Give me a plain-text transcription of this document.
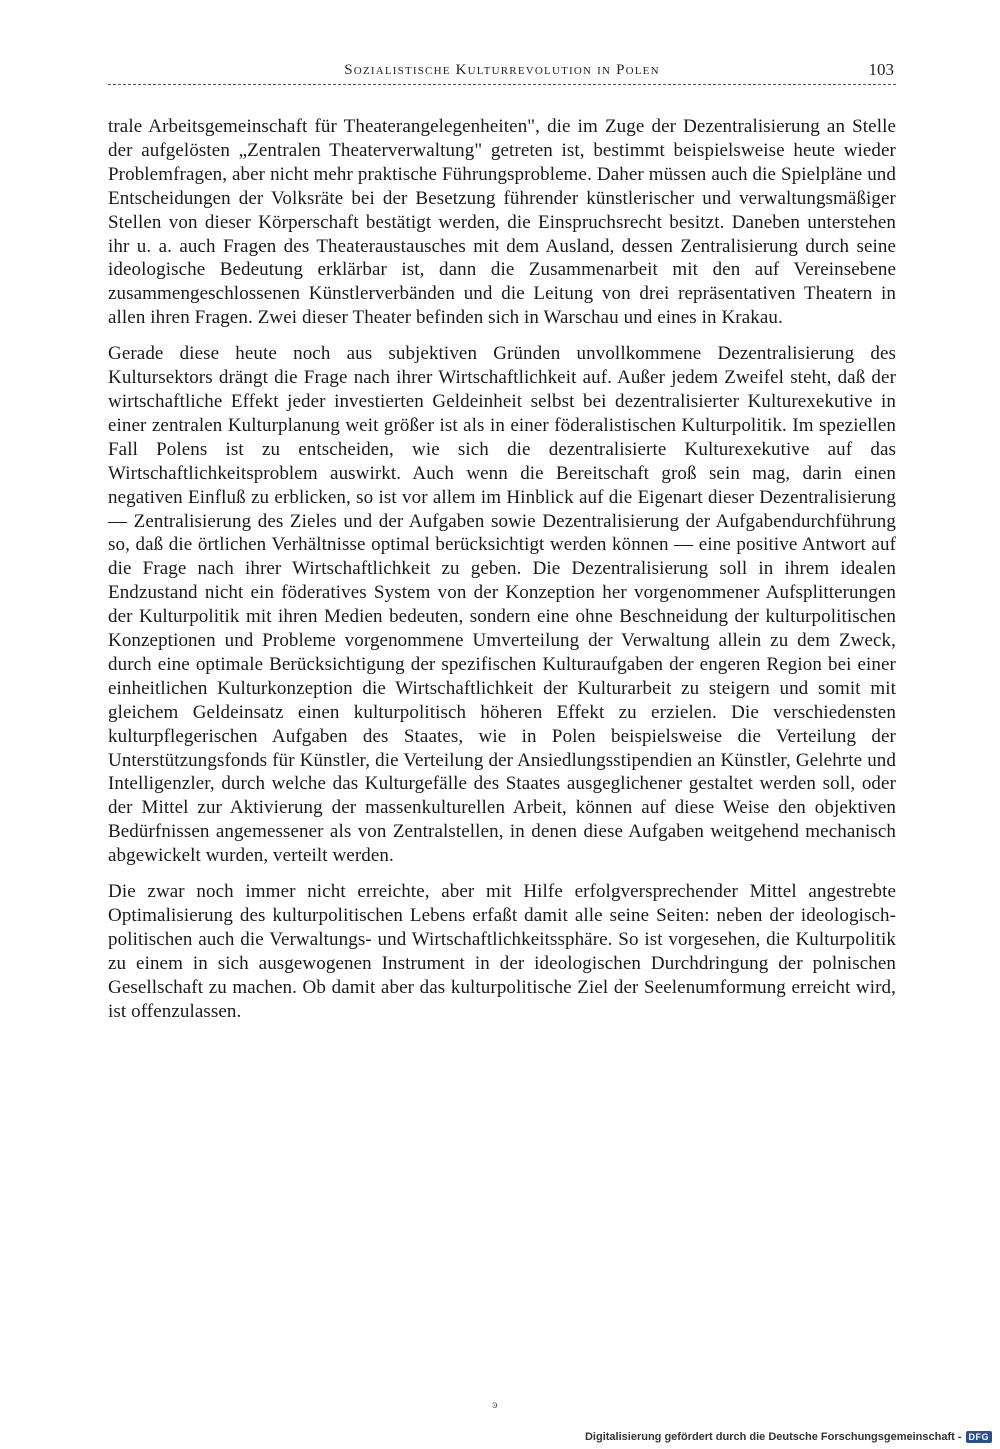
Sozialistische Kulturrevolution in Polen	103

trale Arbeitsgemeinschaft für Theaterangelegenheiten", die im Zuge der Dezentralisierung an Stelle der aufgelösten „Zentralen Theaterverwaltung" getreten ist, bestimmt beispielsweise heute wieder Problemfragen, aber nicht mehr praktische Führungsprobleme. Daher müssen auch die Spielpläne und Entscheidungen der Volksräte bei der Besetzung führender künstlerischer und verwaltungsmäßiger Stellen von dieser Körperschaft bestätigt werden, die Einspruchsrecht besitzt. Daneben unterstehen ihr u. a. auch Fragen des Theateraustausches mit dem Ausland, dessen Zentralisierung durch seine ideologische Bedeutung erklärbar ist, dann die Zusammenarbeit mit den auf Vereinsebene zusammengeschlossenen Künstlerverbänden und die Leitung von drei repräsentativen Theatern in allen ihren Fragen. Zwei dieser Theater befinden sich in Warschau und eines in Krakau.

Gerade diese heute noch aus subjektiven Gründen unvollkommene Dezentralisierung des Kultursektors drängt die Frage nach ihrer Wirtschaftlichkeit auf. Außer jedem Zweifel steht, daß der wirtschaftliche Effekt jeder investierten Geldeinheit selbst bei dezentralisierter Kulturexekutive in einer zentralen Kulturplanung weit größer ist als in einer föderalistischen Kulturpolitik. Im speziellen Fall Polens ist zu entscheiden, wie sich die dezentralisierte Kulturexekutive auf das Wirtschaftlichkeitsproblem auswirkt. Auch wenn die Bereitschaft groß sein mag, darin einen negativen Einfluß zu erblicken, so ist vor allem im Hinblick auf die Eigenart dieser Dezentralisierung — Zentralisierung des Zieles und der Aufgaben sowie Dezentralisierung der Aufgabendurchführung so, daß die örtlichen Verhältnisse optimal berücksichtigt werden können — eine positive Antwort auf die Frage nach ihrer Wirtschaftlichkeit zu geben. Die Dezentralisierung soll in ihrem idealen Endzustand nicht ein föderatives System von der Konzeption her vorgenommener Aufsplitterungen der Kulturpolitik mit ihren Medien bedeuten, sondern eine ohne Beschneidung der kulturpolitischen Konzeptionen und Probleme vorgenommene Umverteilung der Verwaltung allein zu dem Zweck, durch eine optimale Berücksichtigung der spezifischen Kulturaufgaben der engeren Region bei einer einheitlichen Kulturkonzeption die Wirtschaftlichkeit der Kulturarbeit zu steigern und somit mit gleichem Geldeinsatz einen kulturpolitisch höheren Effekt zu erzielen. Die verschiedensten kulturpflegerischen Aufgaben des Staates, wie in Polen beispielsweise die Verteilung der Unterstützungsfonds für Künstler, die Verteilung der Ansiedlungsstipendien an Künstler, Gelehrte und Intelligenzler, durch welche das Kulturgefälle des Staates ausgeglichener gestaltet werden soll, oder der Mittel zur Aktivierung der massenkulturellen Arbeit, können auf diese Weise den objektiven Bedürfnissen angemessener als von Zentralstellen, in denen diese Aufgaben weitgehend mechanisch abgewickelt wurden, verteilt werden.

Die zwar noch immer nicht erreichte, aber mit Hilfe erfolgversprechender Mittel angestrebte Optimalisierung des kulturpolitischen Lebens erfaßt damit alle seine Seiten: neben der ideologisch-politischen auch die Verwaltungs- und Wirtschaftlichkeitssphäre. So ist vorgesehen, die Kulturpolitik zu einem in sich ausgewogenen Instrument in der ideologischen Durchdringung der polnischen Gesellschaft zu machen. Ob damit aber das kulturpolitische Ziel der Seelenumformung erreicht wird, ist offenzulassen.

ͽ
Digitalisierung gefördert durch die Deutsche Forschungsgemeinschaft - DFG
